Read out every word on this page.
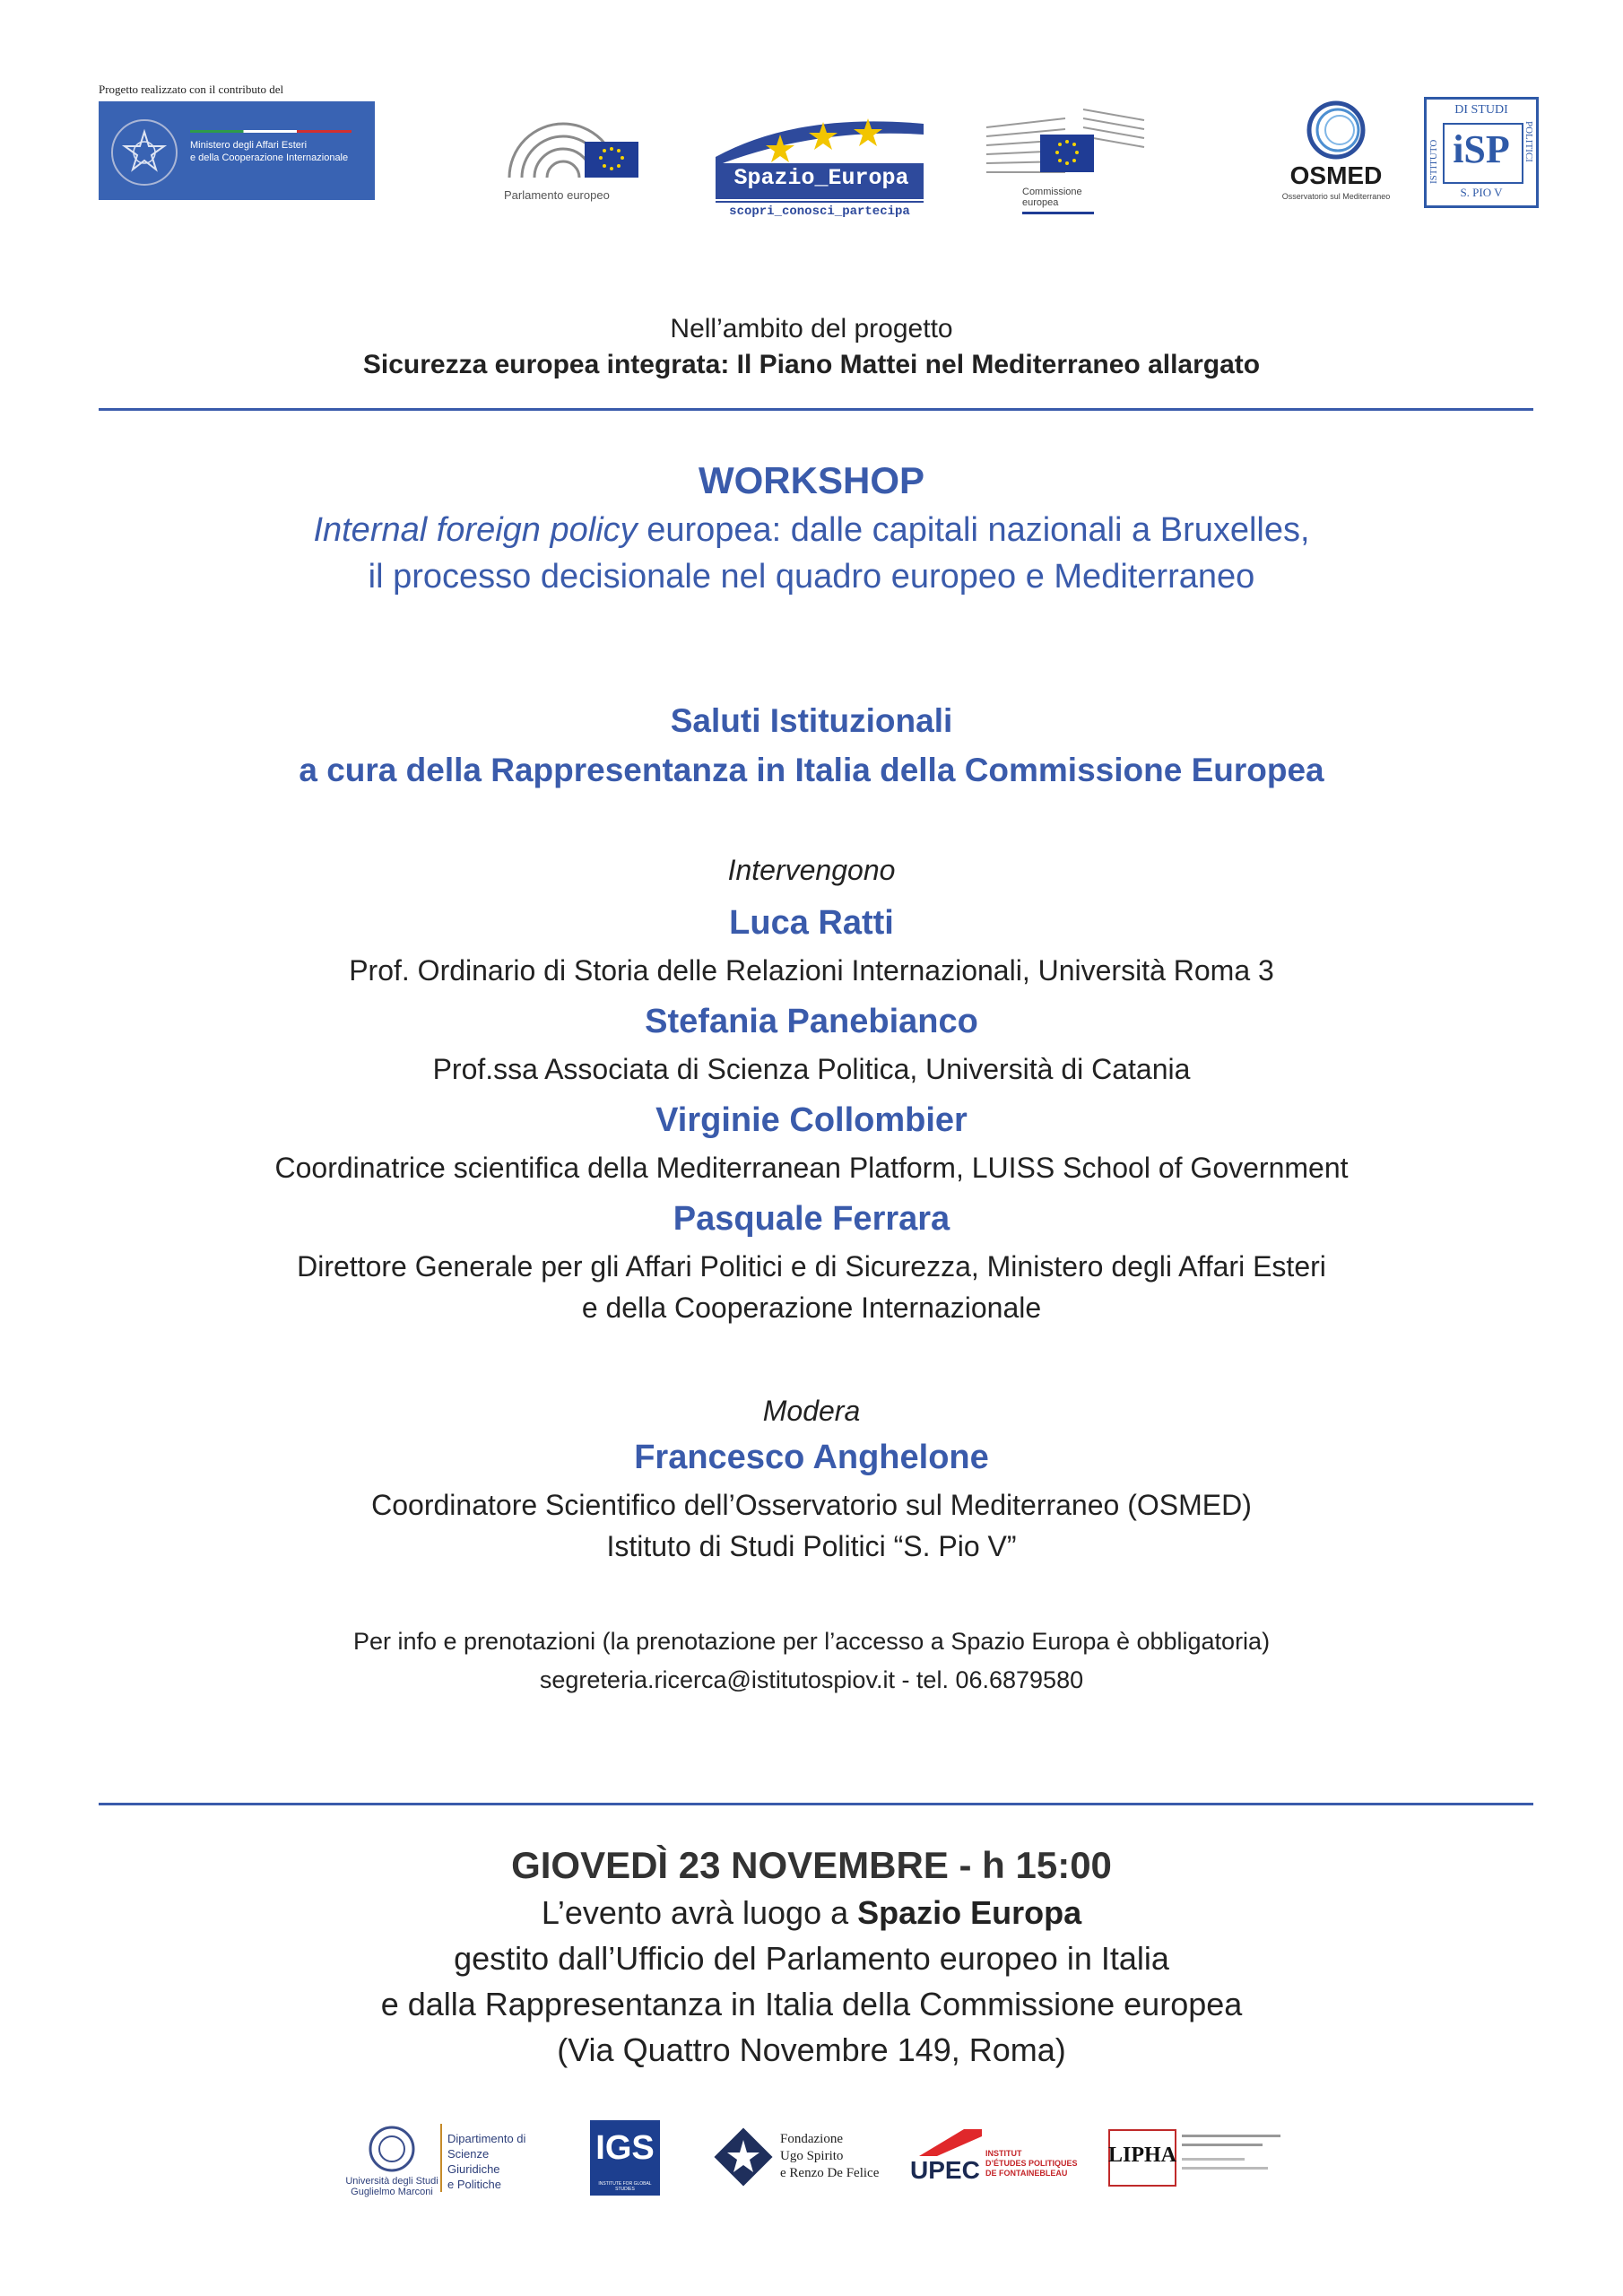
Progetto realizzato con il contributo del
Ministero degli Affari Esteri
e della Cooperazione Internazionale
Parlamento europeo
Spazio_Europa
scopri_conosci_partecipa
Commissione
europea
OSMED
Osservatorio sul Mediterraneo
DI STUDI
ISTITUTO	POLITICI
iSP
S. PIO V
Nell’ambito del progetto
Sicurezza europea integrata: Il Piano Mattei nel Mediterraneo allargato
WORKSHOP
Internal foreign policy europea: dalle capitali nazionali a Bruxelles,
il processo decisionale nel quadro europeo e Mediterraneo
Saluti Istituzionali
a cura della Rappresentanza in Italia della Commissione Europea
Intervengono
Luca Ratti
Prof. Ordinario di Storia delle Relazioni Internazionali, Università Roma 3
Stefania Panebianco
Prof.ssa Associata di Scienza Politica, Università di Catania
Virginie Collombier
Coordinatrice scientifica della Mediterranean Platform, LUISS School of Government
Pasquale Ferrara
Direttore Generale per gli Affari Politici e di Sicurezza, Ministero degli Affari Esteri
e della Cooperazione Internazionale
Modera
Francesco Anghelone
Coordinatore Scientifico dell’Osservatorio sul Mediterraneo (OSMED)
Istituto di Studi Politici “S. Pio V”
Per info e prenotazioni (la prenotazione per l’accesso a Spazio Europa è obbligatoria)
segreteria.ricerca@istitutospiov.it - tel. 06.6879580
GIOVEDÌ 23 NOVEMBRE - h 15:00
L’evento avrà luogo a Spazio Europa
gestito dall’Ufficio del Parlamento europeo in Italia
e dalla Rappresentanza in Italia della Commissione europea
(Via Quattro Novembre 149, Roma)
Università degli Studi
Guglielmo Marconi
Dipartimento di
Scienze Giuridiche
e Politiche
IGS
INSTITUTE FOR GLOBAL STUDIES
Fondazione
Ugo Spirito
e Renzo De Felice UPEC
INSTITUT
D’ÉTUDES POLITIQUES
DE FONTAINEBLEAU
LIPHA
